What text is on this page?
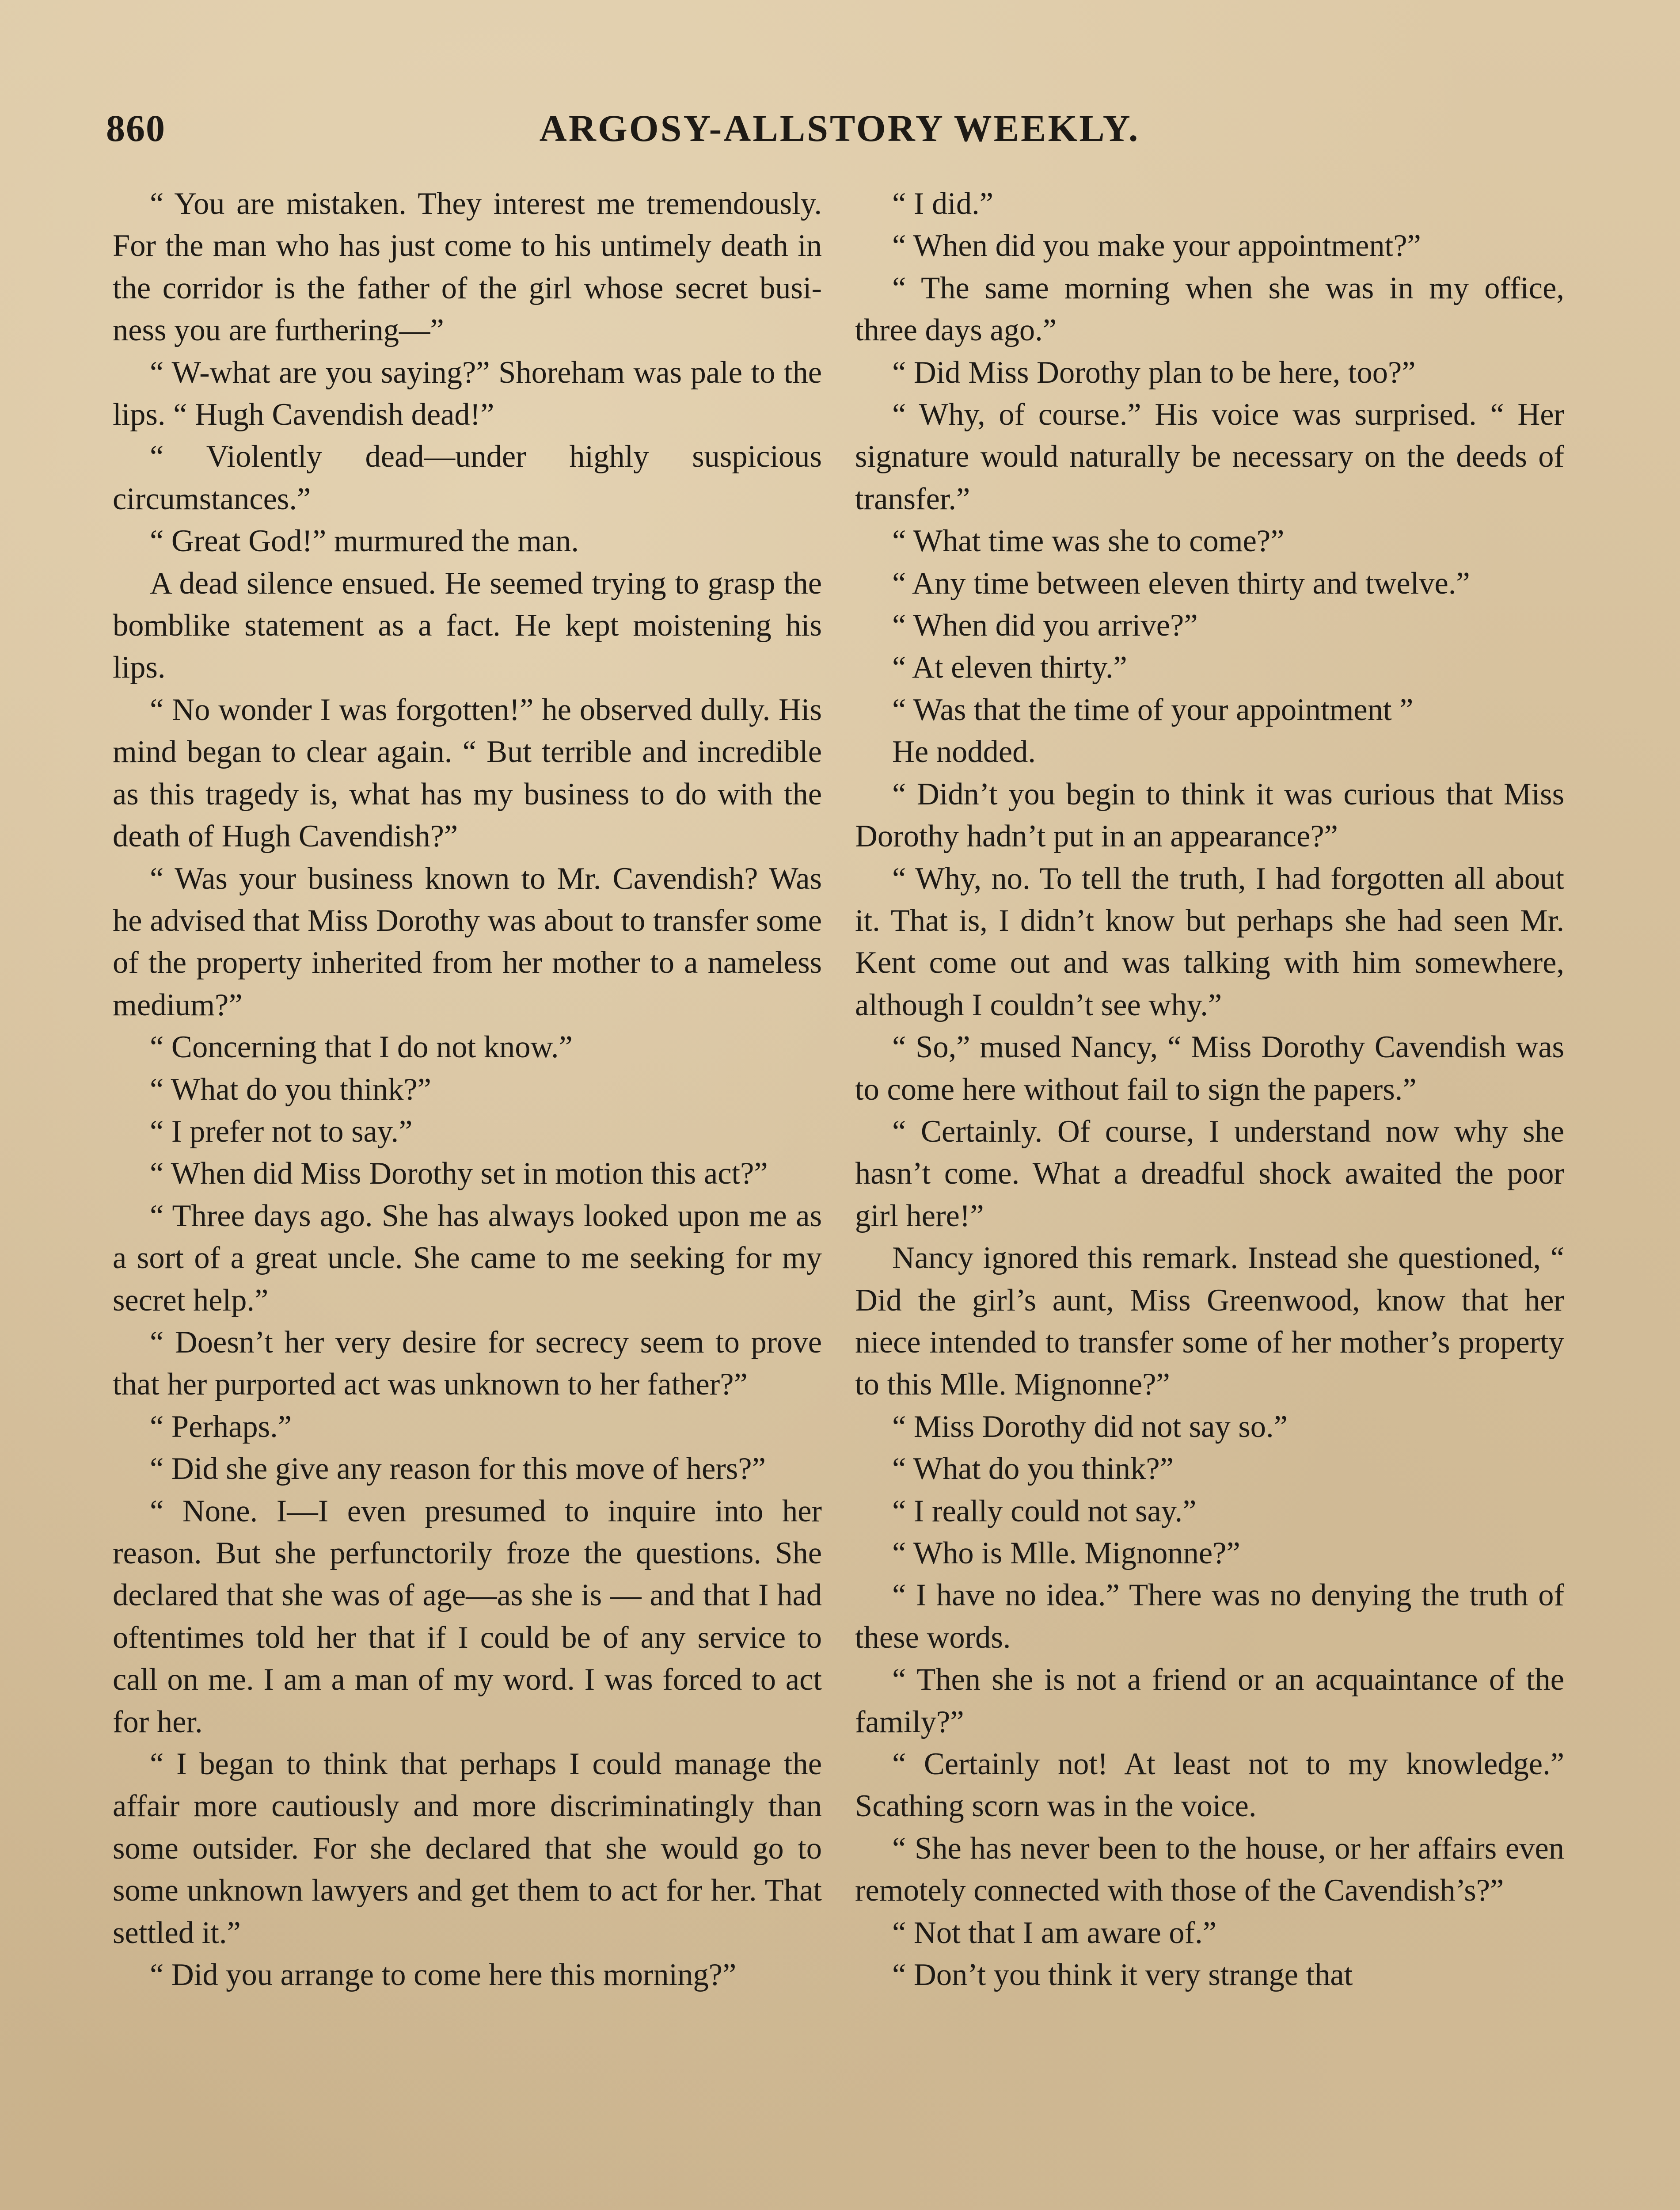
860	ARGOSY-ALLSTORY WEEKLY.

“ You are mistaken. They interest me tremendously. For the man who has just come to his untimely death in the corridor is the father of the girl whose secret business you are furthering—”

“ W-what are you saying?” Shoreham was pale to the lips. “ Hugh Cavendish dead!”

“ Violently dead—under highly suspicious circumstances.”

“ Great God!” murmured the man.

A dead silence ensued. He seemed trying to grasp the bomblike statement as a fact. He kept moistening his lips.

“ No wonder I was forgotten!” he observed dully. His mind began to clear again. “ But terrible and incredible as this tragedy is, what has my business to do with the death of Hugh Cavendish?”

“ Was your business known to Mr. Cavendish? Was he advised that Miss Dorothy was about to transfer some of the property inherited from her mother to a nameless medium?”

“ Concerning that I do not know.”

“ What do you think?”

“ I prefer not to say.”

“ When did Miss Dorothy set in motion this act?”

“ Three days ago. She has always looked upon me as a sort of a great uncle. She came to me seeking for my secret help.”

“ Doesn’t her very desire for secrecy seem to prove that her purported act was unknown to her father?”

“ Perhaps.”

“ Did she give any reason for this move of hers?”

“ None. I—I even presumed to inquire into her reason. But she perfunctorily froze the questions. She declared that she was of age—as she is — and that I had oftentimes told her that if I could be of any service to call on me. I am a man of my word. I was forced to act for her.

“ I began to think that perhaps I could manage the affair more cautiously and more discriminatingly than some outsider. For she declared that she would go to some unknown lawyers and get them to act for her. That settled it.”

“ Did you arrange to come here this morning?”

“ I did.”

“ When did you make your appointment?”

“ The same morning when she was in my office, three days ago.”

“ Did Miss Dorothy plan to be here, too?”

“ Why, of course.” His voice was surprised. “ Her signature would naturally be necessary on the deeds of transfer.”

“ What time was she to come?”

“ Any time between eleven thirty and twelve.”

“ When did you arrive?”

“ At eleven thirty.”

“ Was that the time of your appointment ”

He nodded.

“ Didn’t you begin to think it was curious that Miss Dorothy hadn’t put in an appearance?”

“ Why, no. To tell the truth, I had forgotten all about it. That is, I didn’t know but perhaps she had seen Mr. Kent come out and was talking with him somewhere, although I couldn’t see why.”

“ So,” mused Nancy, “ Miss Dorothy Cavendish was to come here without fail to sign the papers.”

“ Certainly. Of course, I understand now why she hasn’t come. What a dreadful shock awaited the poor girl here!”

Nancy ignored this remark. Instead she questioned, “ Did the girl’s aunt, Miss Greenwood, know that her niece intended to transfer some of her mother’s property to this Mlle. Mignonne?”

“ Miss Dorothy did not say so.”

“ What do you think?”

“ I really could not say.”

“ Who is Mlle. Mignonne?”

“ I have no idea.” There was no denying the truth of these words.

“ Then she is not a friend or an acquaintance of the family?”

“ Certainly not! At least not to my knowledge.” Scathing scorn was in the voice.

“ She has never been to the house, or her affairs even remotely connected with those of the Cavendish’s?”

“ Not that I am aware of.”

“ Don’t you think it very strange that
